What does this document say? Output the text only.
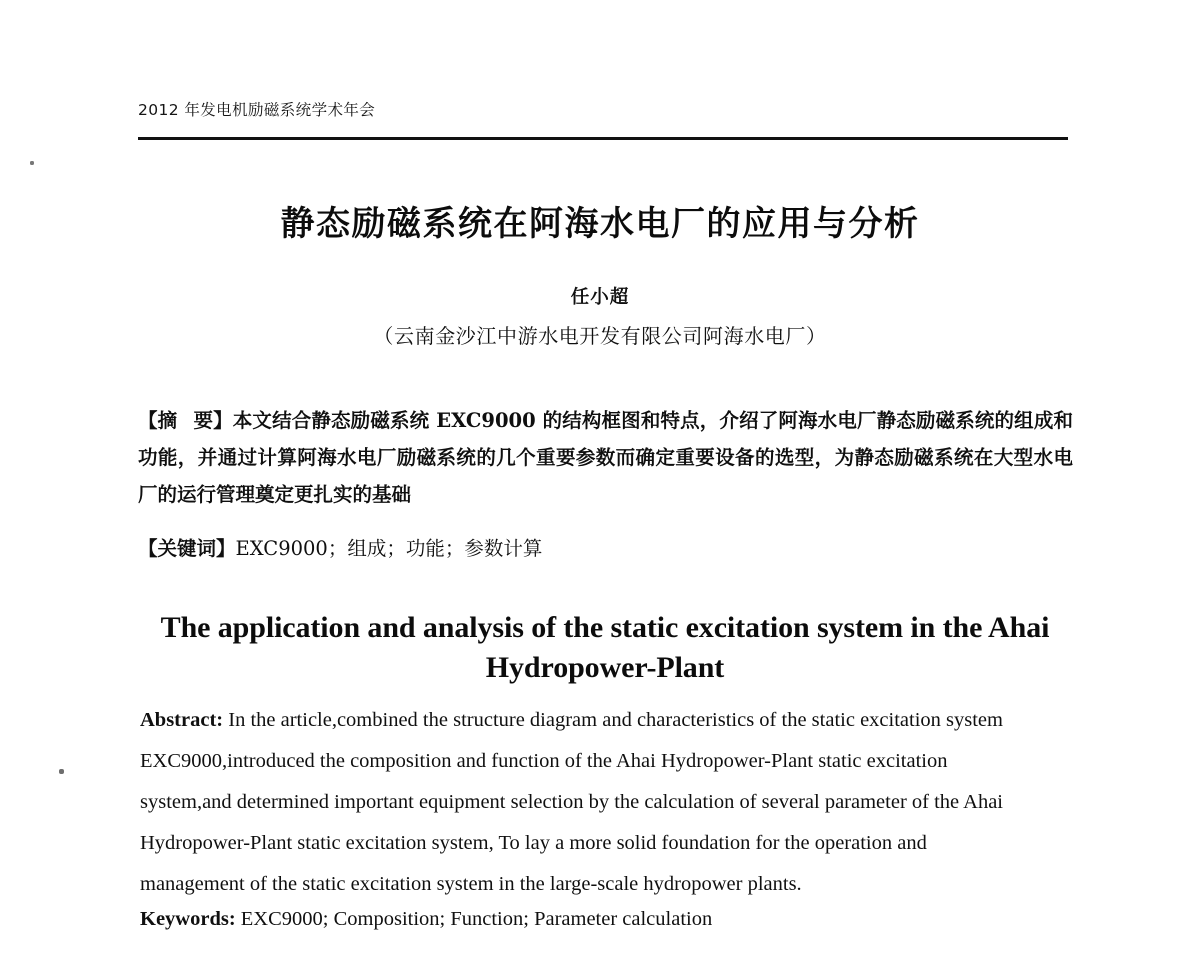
2012 年发电机励磁系统学术年会
静态励磁系统在阿海水电厂的应用与分析
任小超
（云南金沙江中游水电开发有限公司阿海水电厂）
【摘 要】本文结合静态励磁系统 EXC9000 的结构框图和特点，介绍了阿海水电厂静态励磁系统的组成和功能，并通过计算阿海水电厂励磁系统的几个重要参数而确定重要设备的选型，为静态励磁系统在大型水电厂的运行管理奠定更扎实的基础
【关键词】EXC9000；组成；功能；参数计算
The application and analysis of the static excitation system in the Ahai Hydropower-Plant
Abstract: In the article,combined the structure diagram and characteristics of the static excitation system
EXC9000,introduced the composition and function of the Ahai Hydropower-Plant static excitation
system,and determined important equipment selection by the calculation of several parameter of the Ahai
Hydropower-Plant static excitation system, To lay a more solid foundation for the operation and
management of the static excitation system in the large-scale hydropower plants.
Keywords: EXC9000; Composition; Function; Parameter calculation
